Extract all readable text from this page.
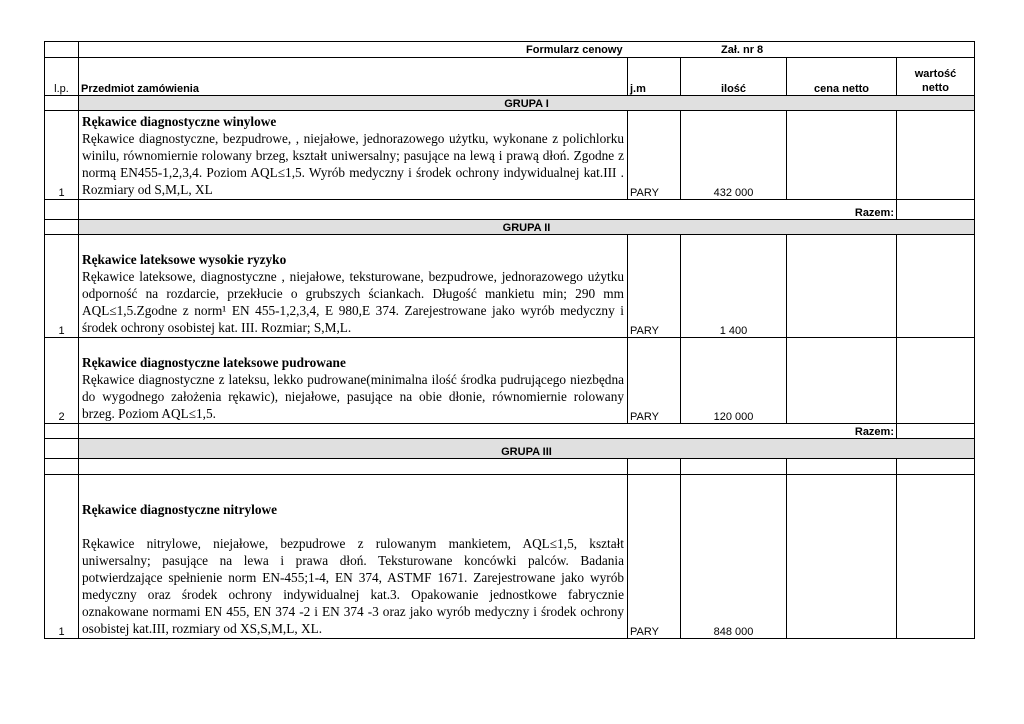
	Formularz cenowy Zał. nr 8				

l.p.	Przedmiot zamówienia	j.m	ilość	cena netto	wartość
netto
	GRUPA I				
1	Rękawice diagnostyczne winylowe
Rękawice diagnostyczne, bezpudrowe, , niejałowe, jednorazowego użytku, wykonane z polichlorku winilu, równomiernie rolowany brzeg, kształt uniwersalny; pasujące na lewą i prawą dłoń. Zgodne z normą EN455-1,2,3,4. Poziom AQL≤1,5. Wyrób medyczny i środek ochrony indywidualnej kat.III . Rozmiary od S,M,L, XL	PARY	432 000		
	Razem:				
	GRUPA II				
1	Rękawice lateksowe wysokie ryzyko
Rękawice lateksowe, diagnostyczne , niejałowe, teksturowane, bezpudrowe, jednorazowego użytku odporność na rozdarcie, przekłucie o grubszych ściankach. Długość mankietu min; 290 mm AQL≤1,5.Zgodne z norm¹ EN 455-1,2,3,4, E 980,E 374. Zarejestrowane jako wyrób medyczny i środek ochrony osobistej kat. III. Rozmiar; S,M,L.	PARY	1 400		
2	Rękawice diagnostyczne lateksowe pudrowane
Rękawice diagnostyczne z lateksu, lekko pudrowane(minimalna ilość środka pudrującego niezbędna do wygodnego założenia rękawic), niejałowe, pasujące na obie dłonie, równomiernie rolowany brzeg. Poziom AQL≤1,5.	PARY	120 000		
	Razem:				
	GRUPA III				

1	Rękawice diagnostyczne nitrylowe
Rękawice nitrylowe, niejałowe, bezpudrowe z rulowanym mankietem, AQL≤1,5, kształt uniwersalny; pasujące na lewa i prawa dłoń. Teksturowane koncówki palców. Badania potwierdzające spełnienie norm EN-455;1-4, EN 374, ASTMF 1671. Zarejestrowane jako wyrób medyczny oraz środek ochrony indywidualnej kat.3. Opakowanie jednostkowe fabrycznie oznakowane normami EN 455, EN 374 -2 i EN 374 -3 oraz jako wyrób medyczny i środek ochrony osobistej kat.III, rozmiary od XS,S,M,L, XL.	PARY	848 000		
